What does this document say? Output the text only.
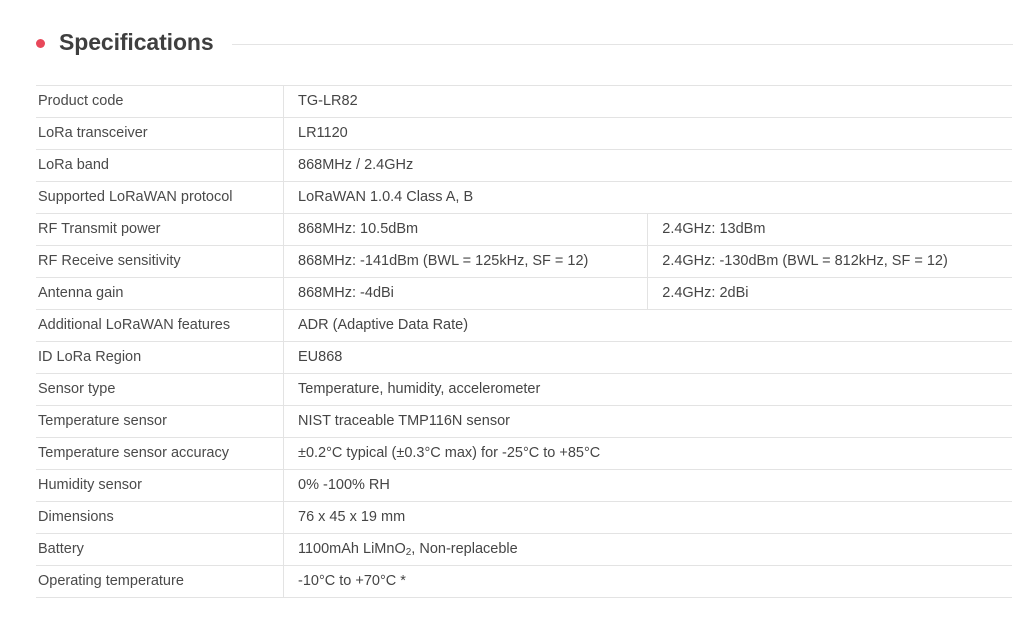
Specifications
Product code	TG-LR82	
LoRa transceiver	LR1120	
LoRa band	868MHz / 2.4GHz	
Supported LoRaWAN protocol	LoRaWAN 1.0.4 Class A, B	
RF Transmit power	868MHz: 10.5dBm	2.4GHz: 13dBm
RF Receive sensitivity	868MHz: -141dBm (BWL = 125kHz, SF = 12)	2.4GHz: -130dBm (BWL = 812kHz, SF = 12)
Antenna gain	868MHz: -4dBi	2.4GHz: 2dBi
Additional LoRaWAN features	ADR (Adaptive Data Rate)	
ID LoRa Region	EU868	
Sensor type	Temperature, humidity, accelerometer	
Temperature sensor	NIST traceable TMP116N sensor	
Temperature sensor accuracy	±0.2°C typical (±0.3°C max) for -25°C to +85°C	
Humidity sensor	0% -100% RH	
Dimensions	76 x 45 x 19 mm	
Battery	1100mAh LiMnO$_2$, Non-replaceble	
Operating temperature	-10°C to +70°C *	
